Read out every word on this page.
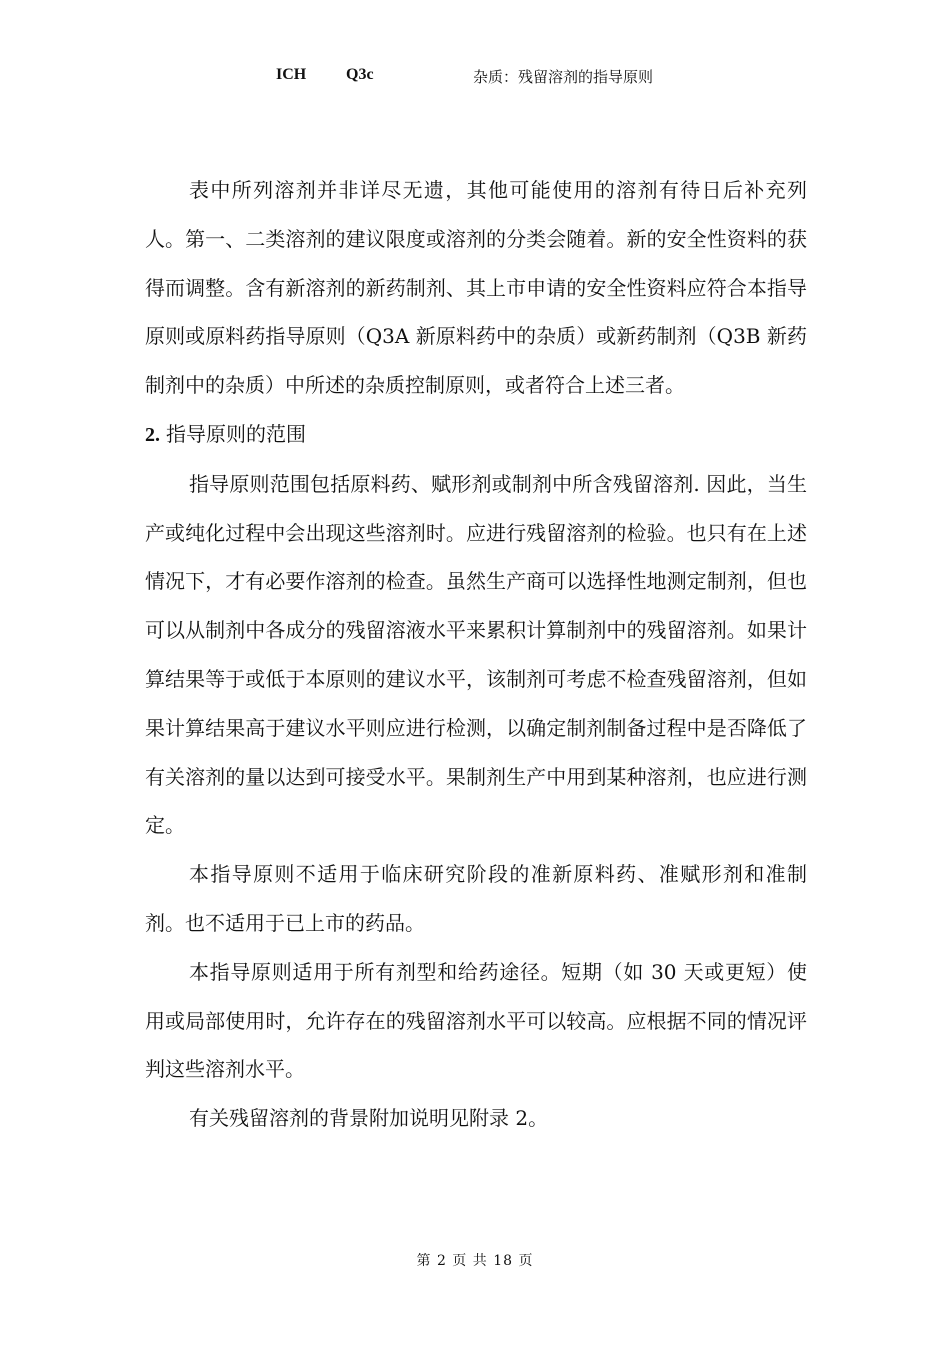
ICH Q3c	杂质：残留溶剂的指导原则

表中所列溶剂并非详尽无遗，其他可能使用的溶剂有待日后补充列人。第一、二类溶剂的建议限度或溶剂的分类会随着。新的安全性资料的获得而调整。含有新溶剂的新药制剂、其上市申请的安全性资料应符合本指导原则或原料药指导原则（Q3A 新原料药中的杂质）或新药制剂（Q3B 新药制剂中的杂质）中所述的杂质控制原则，或者符合上述三者。

2. 指导原则的范围

指导原则范围包括原料药、赋形剂或制剂中所含残留溶剂. 因此，当生产或纯化过程中会出现这些溶剂时。应进行残留溶剂的检验。也只有在上述情况下，才有必要作溶剂的检查。虽然生产商可以选择性地测定制剂，但也可以从制剂中各成分的残留溶液水平来累积计算制剂中的残留溶剂。如果计算结果等于或低于本原则的建议水平，该制剂可考虑不检查残留溶剂，但如果计算结果高于建议水平则应进行检测，以确定制剂制备过程中是否降低了有关溶剂的量以达到可接受水平。果制剂生产中用到某种溶剂，也应进行测定。

本指导原则不适用于临床研究阶段的准新原料药、准赋形剂和准制剂。也不适用于已上市的药品。

本指导原则适用于所有剂型和给药途径。短期（如 30 天或更短）使用或局部使用时，允许存在的残留溶剂水平可以较高。应根据不同的情况评判这些溶剂水平。

有关残留溶剂的背景附加说明见附录 2。

第 2 页 共 18 页
